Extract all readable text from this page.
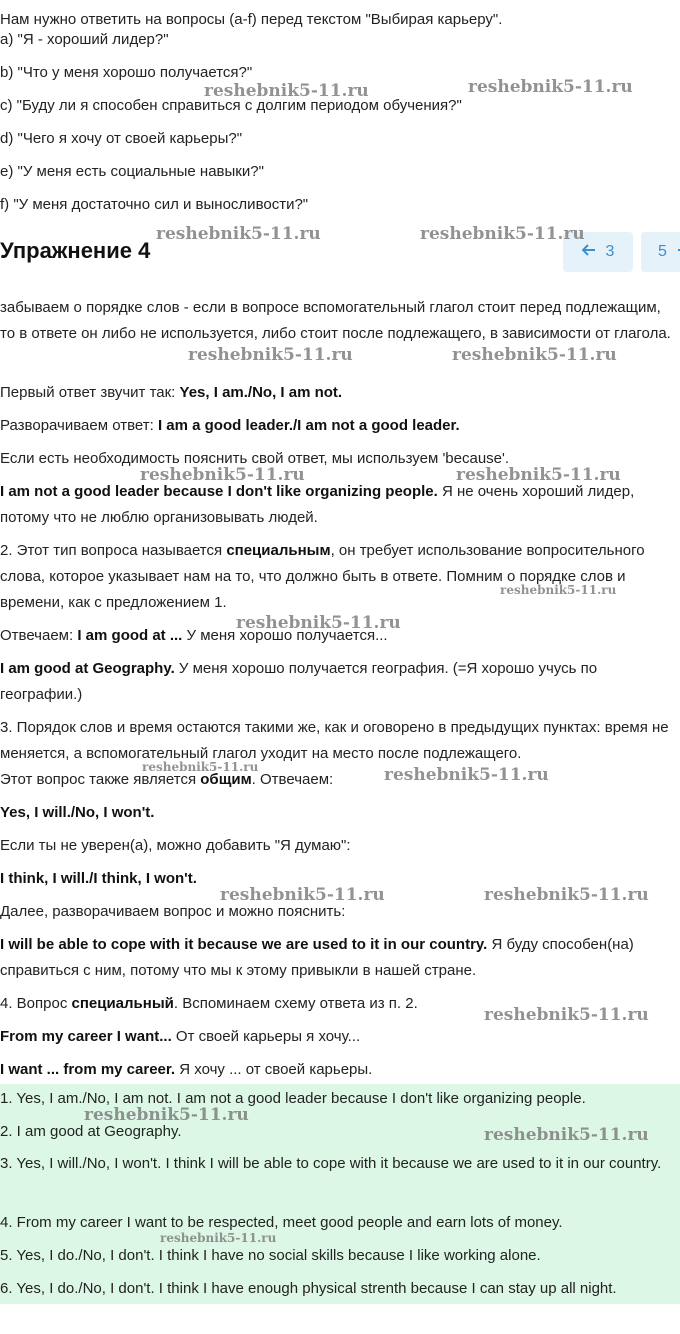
Нам нужно ответить на вопросы (a-f) перед текстом "Выбирая карьеру".
a) "Я - хороший лидер?"
b) "Что у меня хорошо получается?"
c) "Буду ли я способен справиться с долгим периодом обучения?"
d) "Чего я хочу от своей карьеры?"
e) "У меня есть социальные навыки?"
f) "У меня достаточно сил и выносливости?"
Упражнение 4	3	5
забываем о порядке слов - если в вопросе вспомогательный глагол стоит перед подлежащим, то в ответе он либо не используется, либо стоит после подлежащего, в зависимости от глагола.
Первый ответ звучит так: Yes, I am./No, I am not.
Разворачиваем ответ: I am a good leader./I am not a good leader.
Если есть необходимость пояснить свой ответ, мы используем 'because'.
I am not a good leader because I don't like organizing people. Я не очень хороший лидер, потому что не люблю организовывать людей.
2. Этот тип вопроса называется специальным, он требует использование вопросительного слова, которое указывает нам на то, что должно быть в ответе. Помним о порядке слов и времени, как с предложением 1.
Отвечаем: I am good at ... У меня хорошо получается...
I am good at Geography. У меня хорошо получается география. (=Я хорошо учусь по географии.)
3. Порядок слов и время остаются такими же, как и оговорено в предыдущих пунктах: время не меняется, а вспомогательный глагол уходит на место после подлежащего.
Этот вопрос также является общим. Отвечаем:
Yes, I will./No, I won't.
Если ты не уверен(а), можно добавить "Я думаю":
I think, I will./I think, I won't.
Далее, разворачиваем вопрос и можно пояснить:
I will be able to cope with it because we are used to it in our country. Я буду способен(на) справиться с ним, потому что мы к этому привыкли в нашей стране.
4. Вопрос специальный. Вспоминаем схему ответа из п. 2.
From my career I want... От своей карьеры я хочу...
I want ... from my career. Я хочу ... от своей карьеры.
1. Yes, I am./No, I am not. I am not a good leader because I don't like organizing people.
2. I am good at Geography.
3. Yes, I will./No, I won't. I think I will be able to cope with it because we are used to it in our country.
4. From my career I want to be respected, meet good people and earn lots of money.
5. Yes, I do./No, I don't. I think I have no social skills because I like working alone.
6. Yes, I do./No, I don't. I think I have enough physical strenth because I can stay up all night.
reshebnik5-11.ru	reshebnik5-11.ru
reshebnik5-11.ru	reshebnik5-11.ru
reshebnik5-11.ru	reshebnik5-11.ru
reshebnik5-11.ru	reshebnik5-11.ru
reshebnik5-11.ru
reshebnik5-11.ru
reshebnik5-11.ru	reshebnik5-11.ru
reshebnik5-11.ru	reshebnik5-11.ru
reshebnik5-11.ru
reshebnik5-11.ru
reshebnik5-11.ru
reshebnik5-11.ru
